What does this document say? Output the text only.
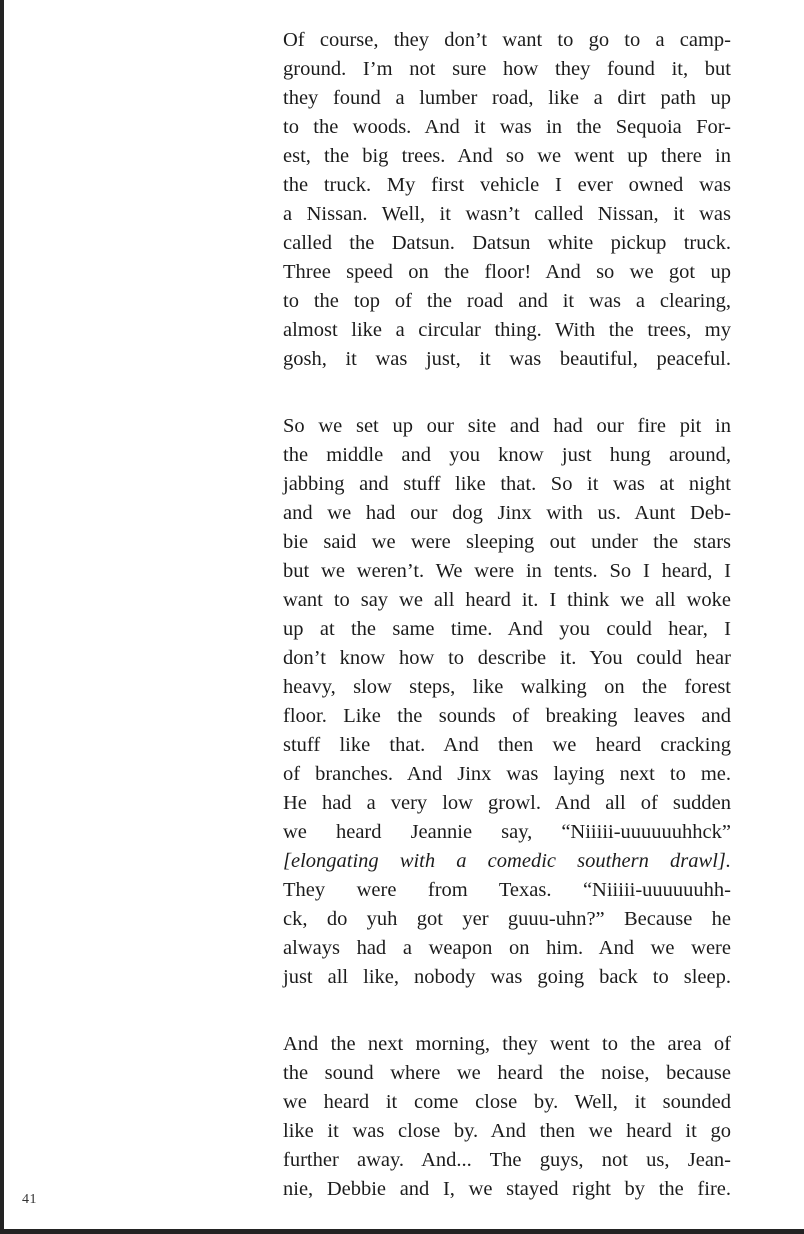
Of course, they don’t want to go to a camp-
ground. I’m not sure how they found it, but
they found a lumber road, like a dirt path up
to the woods. And it was in the Sequoia For-
est, the big trees. And so we went up there in
the truck. My first vehicle I ever owned was
a Nissan. Well, it wasn’t called Nissan, it was
called the Datsun. Datsun white pickup truck.
Three speed on the floor! And so we got up
to the top of the road and it was a clearing,
almost like a circular thing. With the trees, my
gosh, it was just, it was beautiful, peaceful.
So we set up our site and had our fire pit in
the middle and you know just hung around,
jabbing and stuff like that. So it was at night
and we had our dog Jinx with us. Aunt Deb-
bie said we were sleeping out under the stars
but we weren’t. We were in tents. So I heard, I
want to say we all heard it. I think we all woke
up at the same time. And you could hear, I
don’t know how to describe it. You could hear
heavy, slow steps, like walking on the forest
floor. Like the sounds of breaking leaves and
stuff like that. And then we heard cracking
of branches. And Jinx was laying next to me.
He had a very low growl. And all of sudden
we heard Jeannie say, “Niiiii-uuuuuuhhck”
[elongating with a comedic southern drawl].
They were from Texas. “Niiiii-uuuuuuhh-
ck, do yuh got yer guuu-uhn?” Because he
always had a weapon on him. And we were
just all like, nobody was going back to sleep.
And the next morning, they went to the area of
the sound where we heard the noise, because
we heard it come close by. Well, it sounded
like it was close by. And then we heard it go
further away. And... The guys, not us, Jean-
nie, Debbie and I, we stayed right by the fire.
41
